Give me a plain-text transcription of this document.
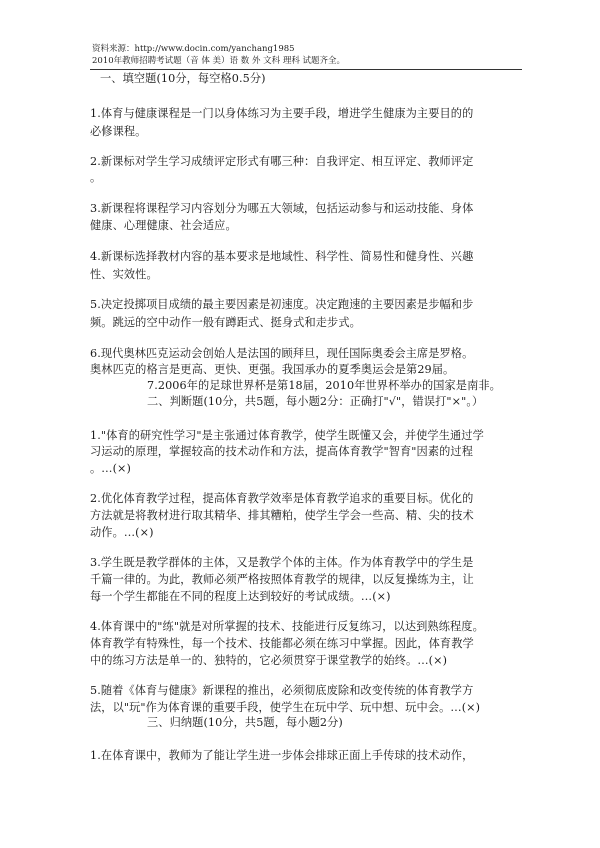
资料来源：http://www.docin.com/yanchang1985
2010年教师招聘考试题（音 体 美）语 数 外 文科 理科 试题齐全。
一、填空题(10分，每空格0.5分)
1.体育与健康课程是一门以身体练习为主要手段，增进学生健康为主要目的的
必修课程。
2.新课标对学生学习成绩评定形式有哪三种：自我评定、相互评定、教师评定
。
3.新课程将课程学习内容划分为哪五大领域，包括运动参与和运动技能、身体
健康、心理健康、社会适应。
4.新课标选择教材内容的基本要求是地域性、科学性、简易性和健身性、兴趣
性、实效性。
5.决定投掷项目成绩的最主要因素是初速度。决定跑速的主要因素是步幅和步
频。跳远的空中动作一般有蹲距式、挺身式和走步式。
6.现代奥林匹克运动会创始人是法国的顾拜旦，现任国际奥委会主席是罗格。
奥林匹克的格言是更高、更快、更强。我国承办的夏季奥运会是第29届。
7.2006年的足球世界杯是第18届，2010年世界杯举办的国家是南非。
二、判断题(10分，共5题，每小题2分：正确打"√"，错误打"×"。）
1."体育的研究性学习"是主张通过体育教学，使学生既懂又会，并使学生通过学
习运动的原理，掌握较高的技术动作和方法，提高体育教学"智育"因素的过程
。…(×)
2.优化体育教学过程，提高体育教学效率是体育教学追求的重要目标。优化的
方法就是将教材进行取其精华、排其糟粕，使学生学会一些高、精、尖的技术
动作。…(×)
3.学生既是教学群体的主体，又是教学个体的主体。作为体育教学中的学生是
千篇一律的。为此，教师必须严格按照体育教学的规律，以反复操练为主，让
每一个学生都能在不同的程度上达到较好的考试成绩。…(×)
4.体育课中的"练"就是对所掌握的技术、技能进行反复练习，以达到熟练程度。
体育教学有特殊性，每一个技术、技能都必须在练习中掌握。因此，体育教学
中的练习方法是单一的、独特的，它必须贯穿于课堂教学的始终。…(×)
5.随着《体育与健康》新课程的推出，必须彻底废除和改变传统的体育教学方
法，以"玩"作为体育课的重要手段，使学生在玩中学、玩中想、玩中会。…(×)
三、归纳题(10分，共5题，每小题2分)
1.在体育课中，教师为了能让学生进一步体会排球正面上手传球的技术动作，
